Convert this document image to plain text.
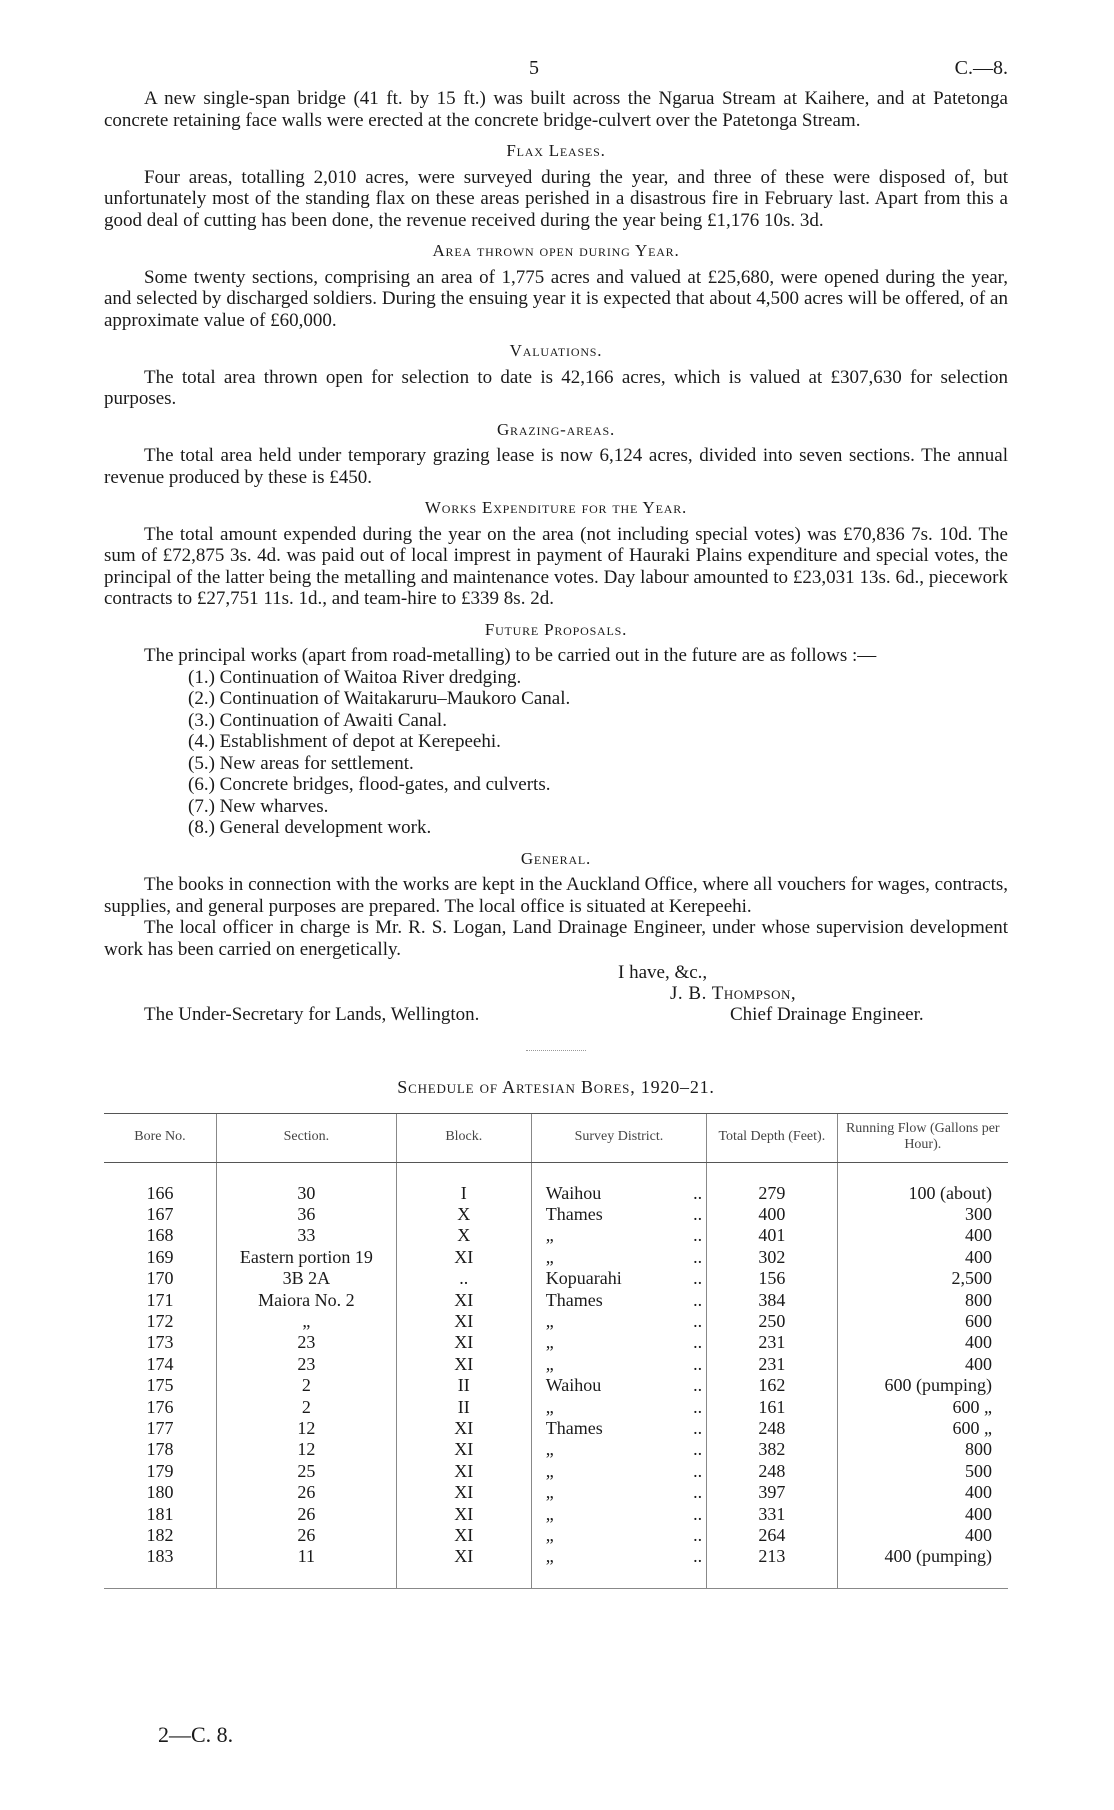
5	C.—8.

A new single-span bridge (41 ft. by 15 ft.) was built across the Ngarua Stream at Kaihere, and at Patetonga concrete retaining face walls were erected at the concrete bridge-culvert over the Patetonga Stream.

Flax Leases.

Four areas, totalling 2,010 acres, were surveyed during the year, and three of these were disposed of, but unfortunately most of the standing flax on these areas perished in a disastrous fire in February last. Apart from this a good deal of cutting has been done, the revenue received during the year being £1,176 10s. 3d.

Area thrown open during Year.

Some twenty sections, comprising an area of 1,775 acres and valued at £25,680, were opened during the year, and selected by discharged soldiers. During the ensuing year it is expected that about 4,500 acres will be offered, of an approximate value of £60,000.

Valuations.

The total area thrown open for selection to date is 42,166 acres, which is valued at £307,630 for selection purposes.

Grazing-areas.

The total area held under temporary grazing lease is now 6,124 acres, divided into seven sections. The annual revenue produced by these is £450.

Works Expenditure for the Year.

The total amount expended during the year on the area (not including special votes) was £70,836 7s. 10d. The sum of £72,875 3s. 4d. was paid out of local imprest in payment of Hauraki Plains expenditure and special votes, the principal of the latter being the metalling and maintenance votes. Day labour amounted to £23,031 13s. 6d., piecework contracts to £27,751 11s. 1d., and team-hire to £339 8s. 2d.

Future Proposals.

The principal works (apart from road-metalling) to be carried out in the future are as follows :—

(1.) Continuation of Waitoa River dredging.
(2.) Continuation of Waitakaruru–Maukoro Canal.
(3.) Continuation of Awaiti Canal.
(4.) Establishment of depot at Kerepeehi.
(5.) New areas for settlement.
(6.) Concrete bridges, flood-gates, and culverts.
(7.) New wharves.
(8.) General development work.
General.

The books in connection with the works are kept in the Auckland Office, where all vouchers for wages, contracts, supplies, and general purposes are prepared. The local office is situated at Kerepeehi.

The local officer in charge is Mr. R. S. Logan, Land Drainage Engineer, under whose supervision development work has been carried on energetically.

I have, &c.,
J. B. Thompson,
The Under-Secretary for Lands, Wellington.	Chief Drainage Engineer.
Schedule of Artesian Bores, 1920–21.
Bore No.	Section.	Block.	Survey District.	Total Depth (Feet).	Running Flow (Gallons per Hour).
166	30	I	Waihou ..	279	100 (about)
167	36	X	Thames ..	400	300
168	33	X	„ ..	401	400
169	Eastern portion 19	XI	„ ..	302	400
170	3B 2A	..	Kopuarahi ..	156	2,500
171	Maiora No. 2	XI	Thames ..	384	800
172	„	XI	„ ..	250	600
173	23	XI	„ ..	231	400
174	23	XI	„ ..	231	400
175	2	II	Waihou ..	162	600 (pumping)
176	2	II	„ ..	161	600 „
177	12	XI	Thames ..	248	600 „
178	12	XI	„ ..	382	800
179	25	XI	„ ..	248	500
180	26	XI	„ ..	397	400
181	26	XI	„ ..	331	400
182	26	XI	„ ..	264	400
183	11	XI	„ ..	213	400 (pumping)
2—C. 8.
